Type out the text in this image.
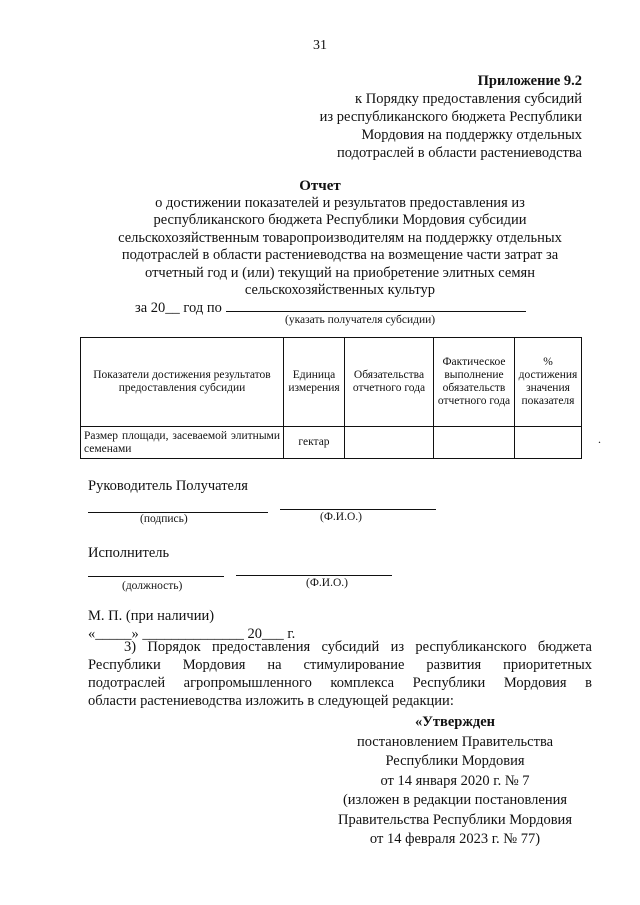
31
Приложение 9.2
к Порядку предоставления субсидий
из республиканского бюджета Республики
Мордовия на поддержку отдельных
подотраслей в области растениеводства
Отчет
о достижении показателей и результатов предоставления из
республиканского бюджета Республики Мордовия субсидии
сельскохозяйственным товаропроизводителям на поддержку отдельных
подотраслей в области растениеводства на возмещение части затрат за
отчетный год и (или) текущий на приобретение элитных семян
сельскохозяйственных культур
за 20__ год по
(указать получателя субсидии)
Показатели достижения результатов предоставления субсидии	Единица измерения	Обязательства отчетного года	Фактическое выполнение обязательств отчетного года	% достижения значения показателя
Размер площади, засеваемой элитными семенами	гектар				.
Руководитель Получателя
(подпись)	(Ф.И.О.)
Исполнитель
(должность)	(Ф.И.О.)
М. П. (при наличии)
«_____» ______________ 20___ г.
3) Порядок предоставления субсидий из республиканского бюджета
Республики Мордовия на стимулирование развития приоритетных
подотраслей агропромышленного комплекса Республики Мордовия в
области растениеводства изложить в следующей редакции:
«Утвержден
постановлением Правительства
Республики Мордовия
от 14 января 2020 г. № 7
(изложен в редакции постановления
Правительства Республики Мордовия
от 14 февраля 2023 г. № 77)
